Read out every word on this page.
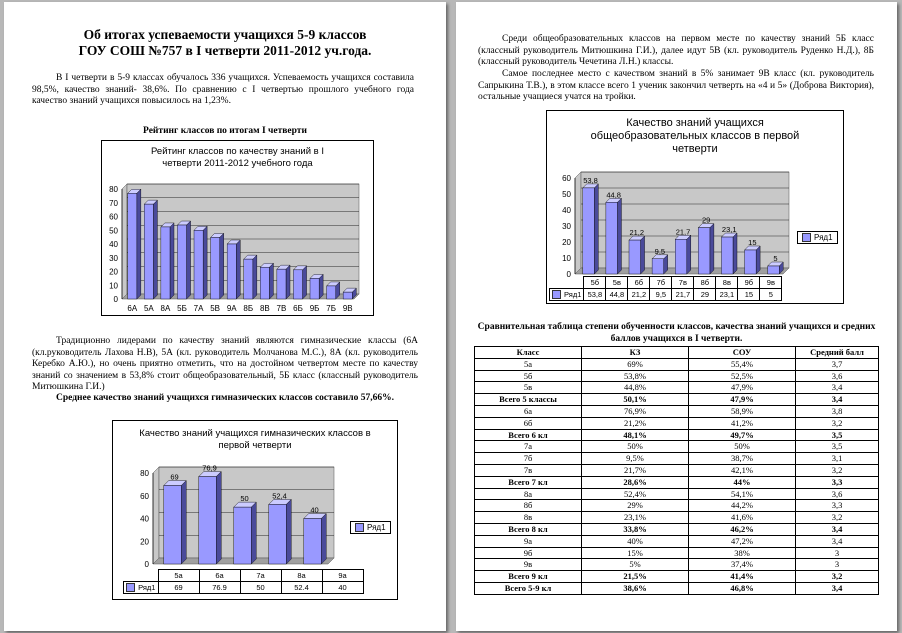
Об итогах успеваемости учащихся 5-9 классов
ГОУ СОШ №757 в I четверти 2011-2012 уч.года.
В I четверти в 5-9 классах обучалось 336 учащихся. Успеваемость учащихся составила 98,5%, качество знаний- 38,6%. По сравнению с I четвертью прошлого учебного года качество знаний учащихся повысилось на 1,23%.
Рейтинг классов по итогам I четверти
Рейтинг классов по качеству знаний в I
четверти 2011-2012 учебного года
0
10
20
30
40
50
60
70
80
6А 5А 8А 5Б 7А 5В 9А 8Б 8В 7В 6Б 9Б 7Б 9В
Традиционно лидерами по качеству знаний являются гимназические классы (6А (кл.руководитель Лахова Н.В), 5А (кл. руководитель Молчанова М.С.), 8А (кл. руководитель Керебко А.Ю.), но очень приятно отметить, что на достойном четвертом месте по качеству знаний со значением в 53,8% стоит общеобразовательный, 5Б класс (классный руководитель Митюшкина Г.И.)
Среднее качество знаний учащихся гимназических классов составило 57,66%.
Качество знаний учащихся гимназических классов в
первой четверти
0
20
40
60
80	69
76,9
50	52,4
40
Ряд1
	5а	6а	7а	8а	9а
Ряд1	69	76.9	50	52.4	40
Среди общеобразовательных классов на первом месте по качеству знаний 5Б класс (классный руководитель Митюшкина Г.И.), далее идут 5В (кл. руководитель Руденко Н.Д.), 8Б (классный руководитель Чечетина Л.Н.) классы.
Самое последнее место с качеством знаний в 5% занимает 9В класс (кл. руководитель Сапрыкина Т.В.), в этом классе всего 1 ученик закончил четверть на «4 и 5» (Доброва Виктория), остальные учащиеся учатся на тройки.
Качество знаний учащихся
общеобразовательных классов в первой
четверти
0
10
20
30
40
50
60 53,8
44,8
21,2
9,5
21,7
29
23,1
15
5
Ряд1
	5б	5в	6б	7б	7в	8б	8в	9б	9в
Ряд1	53,8	44,8	21,2	9,5	21,7	29	23,1	15	5
Сравнительная таблица степени обученности классов, качества знаний учащихся и средних баллов учащихся в I четверти.
Класс	КЗ	СОУ	Средний балл
5а	69%	55,4%	3,7
5б	53,8%	52,5%	3,6
5в	44,8%	47,9%	3,4
Всего 5 классы	50,1%	47,9%	3,4
6а	76,9%	58,9%	3,8
6б	21,2%	41,2%	3,2
Всего 6 кл	48,1%	49,7%	3,5
7а	50%	50%	3,5
7б	9,5%	38,7%	3,1
7в	21,7%	42,1%	3,2
Всего 7 кл	28,6%	44%	3,3
8а	52,4%	54,1%	3,6
8б	29%	44,2%	3,3
8в	23,1%	41,6%	3,2
Всего 8 кл	33,8%	46,2%	3,4
9а	40%	47,2%	3,4
9б	15%	38%	3
9в	5%	37,4%	3
Всего 9 кл	21,5%	41,4%	3,2
Всего 5-9 кл	38,6%	46,8%	3,4
